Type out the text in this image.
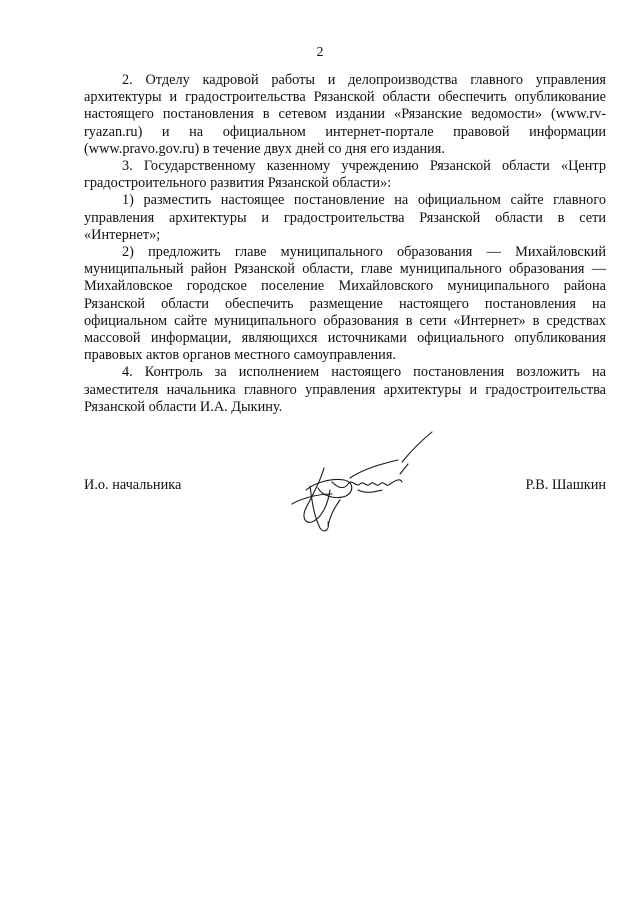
2

2. Отделу кадровой работы и делопроизводства главного управления архитектуры и градостроительства Рязанской области обеспечить опубликование настоящего постановления в сетевом издании «Рязанские ведомости» (www.rv-ryazan.ru) и на официальном интернет-портале правовой информации (www.pravo.gov.ru) в течение двух дней со дня его издания.

3. Государственному казенному учреждению Рязанской области «Центр градостроительного развития Рязанской области»:

1) разместить настоящее постановление на официальном сайте главного управления архитектуры и градостроительства Рязанской области в сети «Интернет»;

2) предложить главе муниципального образования — Михайловский муниципальный район Рязанской области, главе муниципального образования — Михайловское городское поселение Михайловского муниципального района Рязанской области обеспечить размещение настоящего постановления на официальном сайте муниципального образования в сети «Интернет» в средствах массовой информации, являющихся источниками официального опубликования правовых актов органов местного самоуправления.

4. Контроль за исполнением настоящего постановления возложить на заместителя начальника главного управления архитектуры и градостроительства Рязанской области И.А. Дыкину.

И.о. начальника	Р.В. Шашкин
